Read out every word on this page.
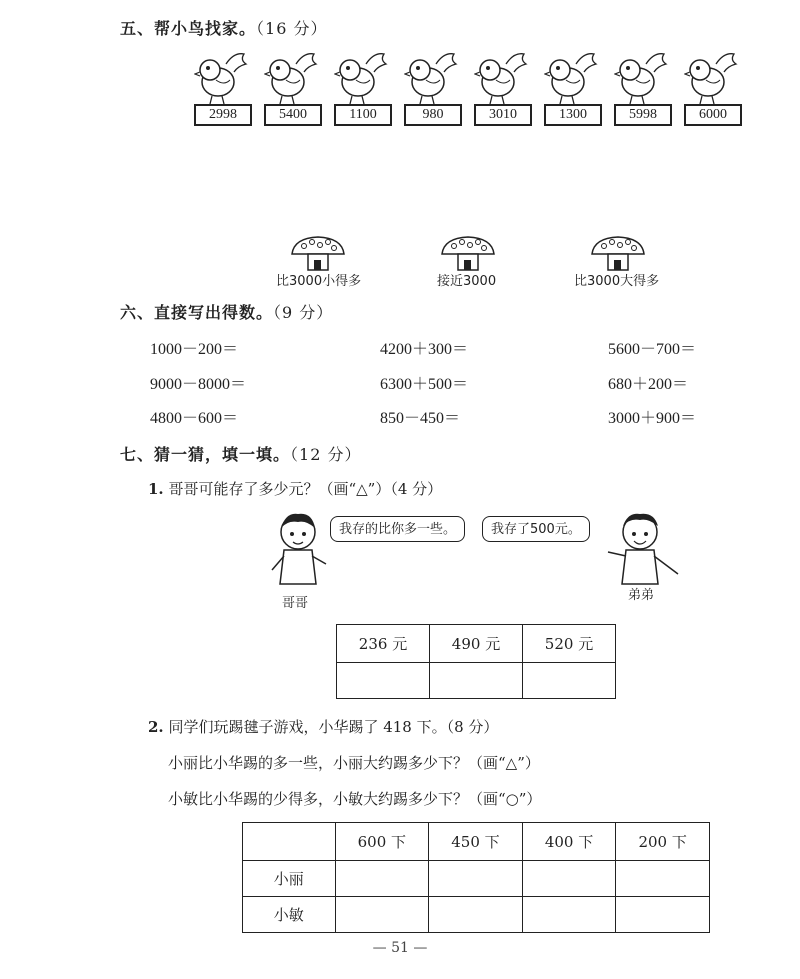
五、帮小鸟找家。（16 分）
2998	5400	1100	980	3010	1300	5998	6000
比3000小得多	接近3000	比3000大得多
六、直接写出得数。（9 分）
1000－200＝	4200＋300＝	5600－700＝
9000－8000＝	6300＋500＝	680＋200＝
4800－600＝	850－450＝	3000＋900＝
七、猜一猜，填一填。（12 分）
1. 哥哥可能存了多少元？（画“△”）（4 分）
哥哥
我存的比你多一些。	我存了500元。
弟弟
236 元	490 元	520 元

2. 同学们玩踢毽子游戏，小华踢了 418 下。（8 分）
小丽比小华踢的多一些，小丽大约踢多少下？（画“△”）
小敏比小华踢的少得多，小敏大约踢多少下？（画“○”）
	600 下	450 下	400 下	200 下
小丽				
小敏				
— 51 —
